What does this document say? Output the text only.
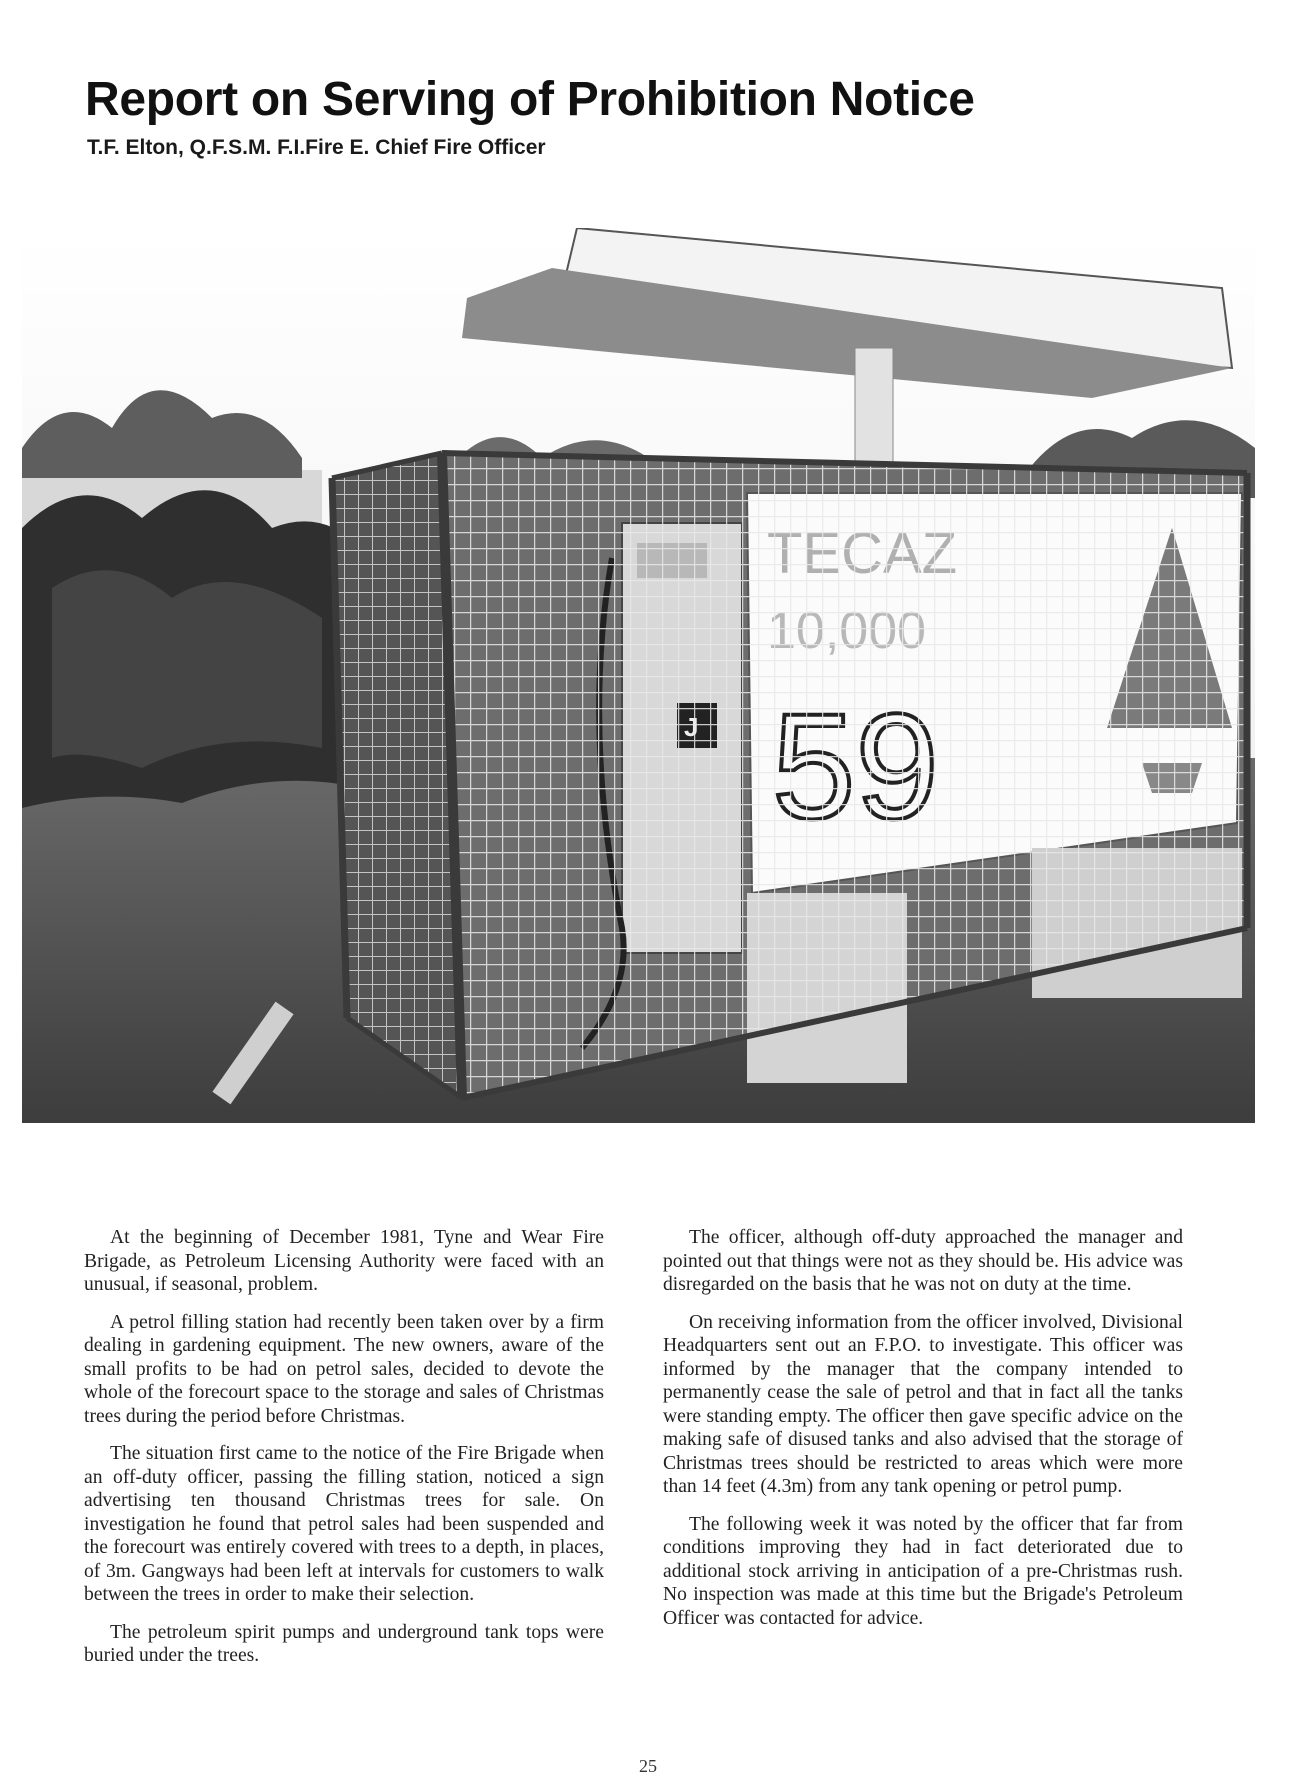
Report on Serving of Prohibition Notice

T.F. Elton, Q.F.S.M. F.I.Fire E. Chief Fire Officer

At the beginning of December 1981, Tyne and Wear Fire Brigade, as Petroleum Licensing Authority were faced with an unusual, if seasonal, problem.

A petrol filling station had recently been taken over by a firm dealing in gardening equipment. The new owners, aware of the small profits to be had on petrol sales, decided to devote the whole of the forecourt space to the storage and sales of Christmas trees during the period before Christmas.

The situation first came to the notice of the Fire Brigade when an off-duty officer, passing the filling station, noticed a sign advertising ten thousand Christmas trees for sale. On investigation he found that petrol sales had been suspended and the forecourt was entirely covered with trees to a depth, in places, of 3m. Gangways had been left at intervals for customers to walk between the trees in order to make their selection.

The petroleum spirit pumps and underground tank tops were buried under the trees.

The officer, although off-duty approached the manager and pointed out that things were not as they should be. His advice was disregarded on the basis that he was not on duty at the time.

On receiving information from the officer involved, Divisional Headquarters sent out an F.P.O. to investigate. This officer was informed by the manager that the company intended to permanently cease the sale of petrol and that in fact all the tanks were standing empty. The officer then gave specific advice on the making safe of disused tanks and also advised that the storage of Christmas trees should be restricted to areas which were more than 14 feet (4.3m) from any tank opening or petrol pump.

The following week it was noted by the officer that far from conditions improving they had in fact deteriorated due to additional stock arriving in anticipation of a pre-Christmas rush. No inspection was made at this time but the Brigade's Petroleum Officer was contacted for advice.

25
